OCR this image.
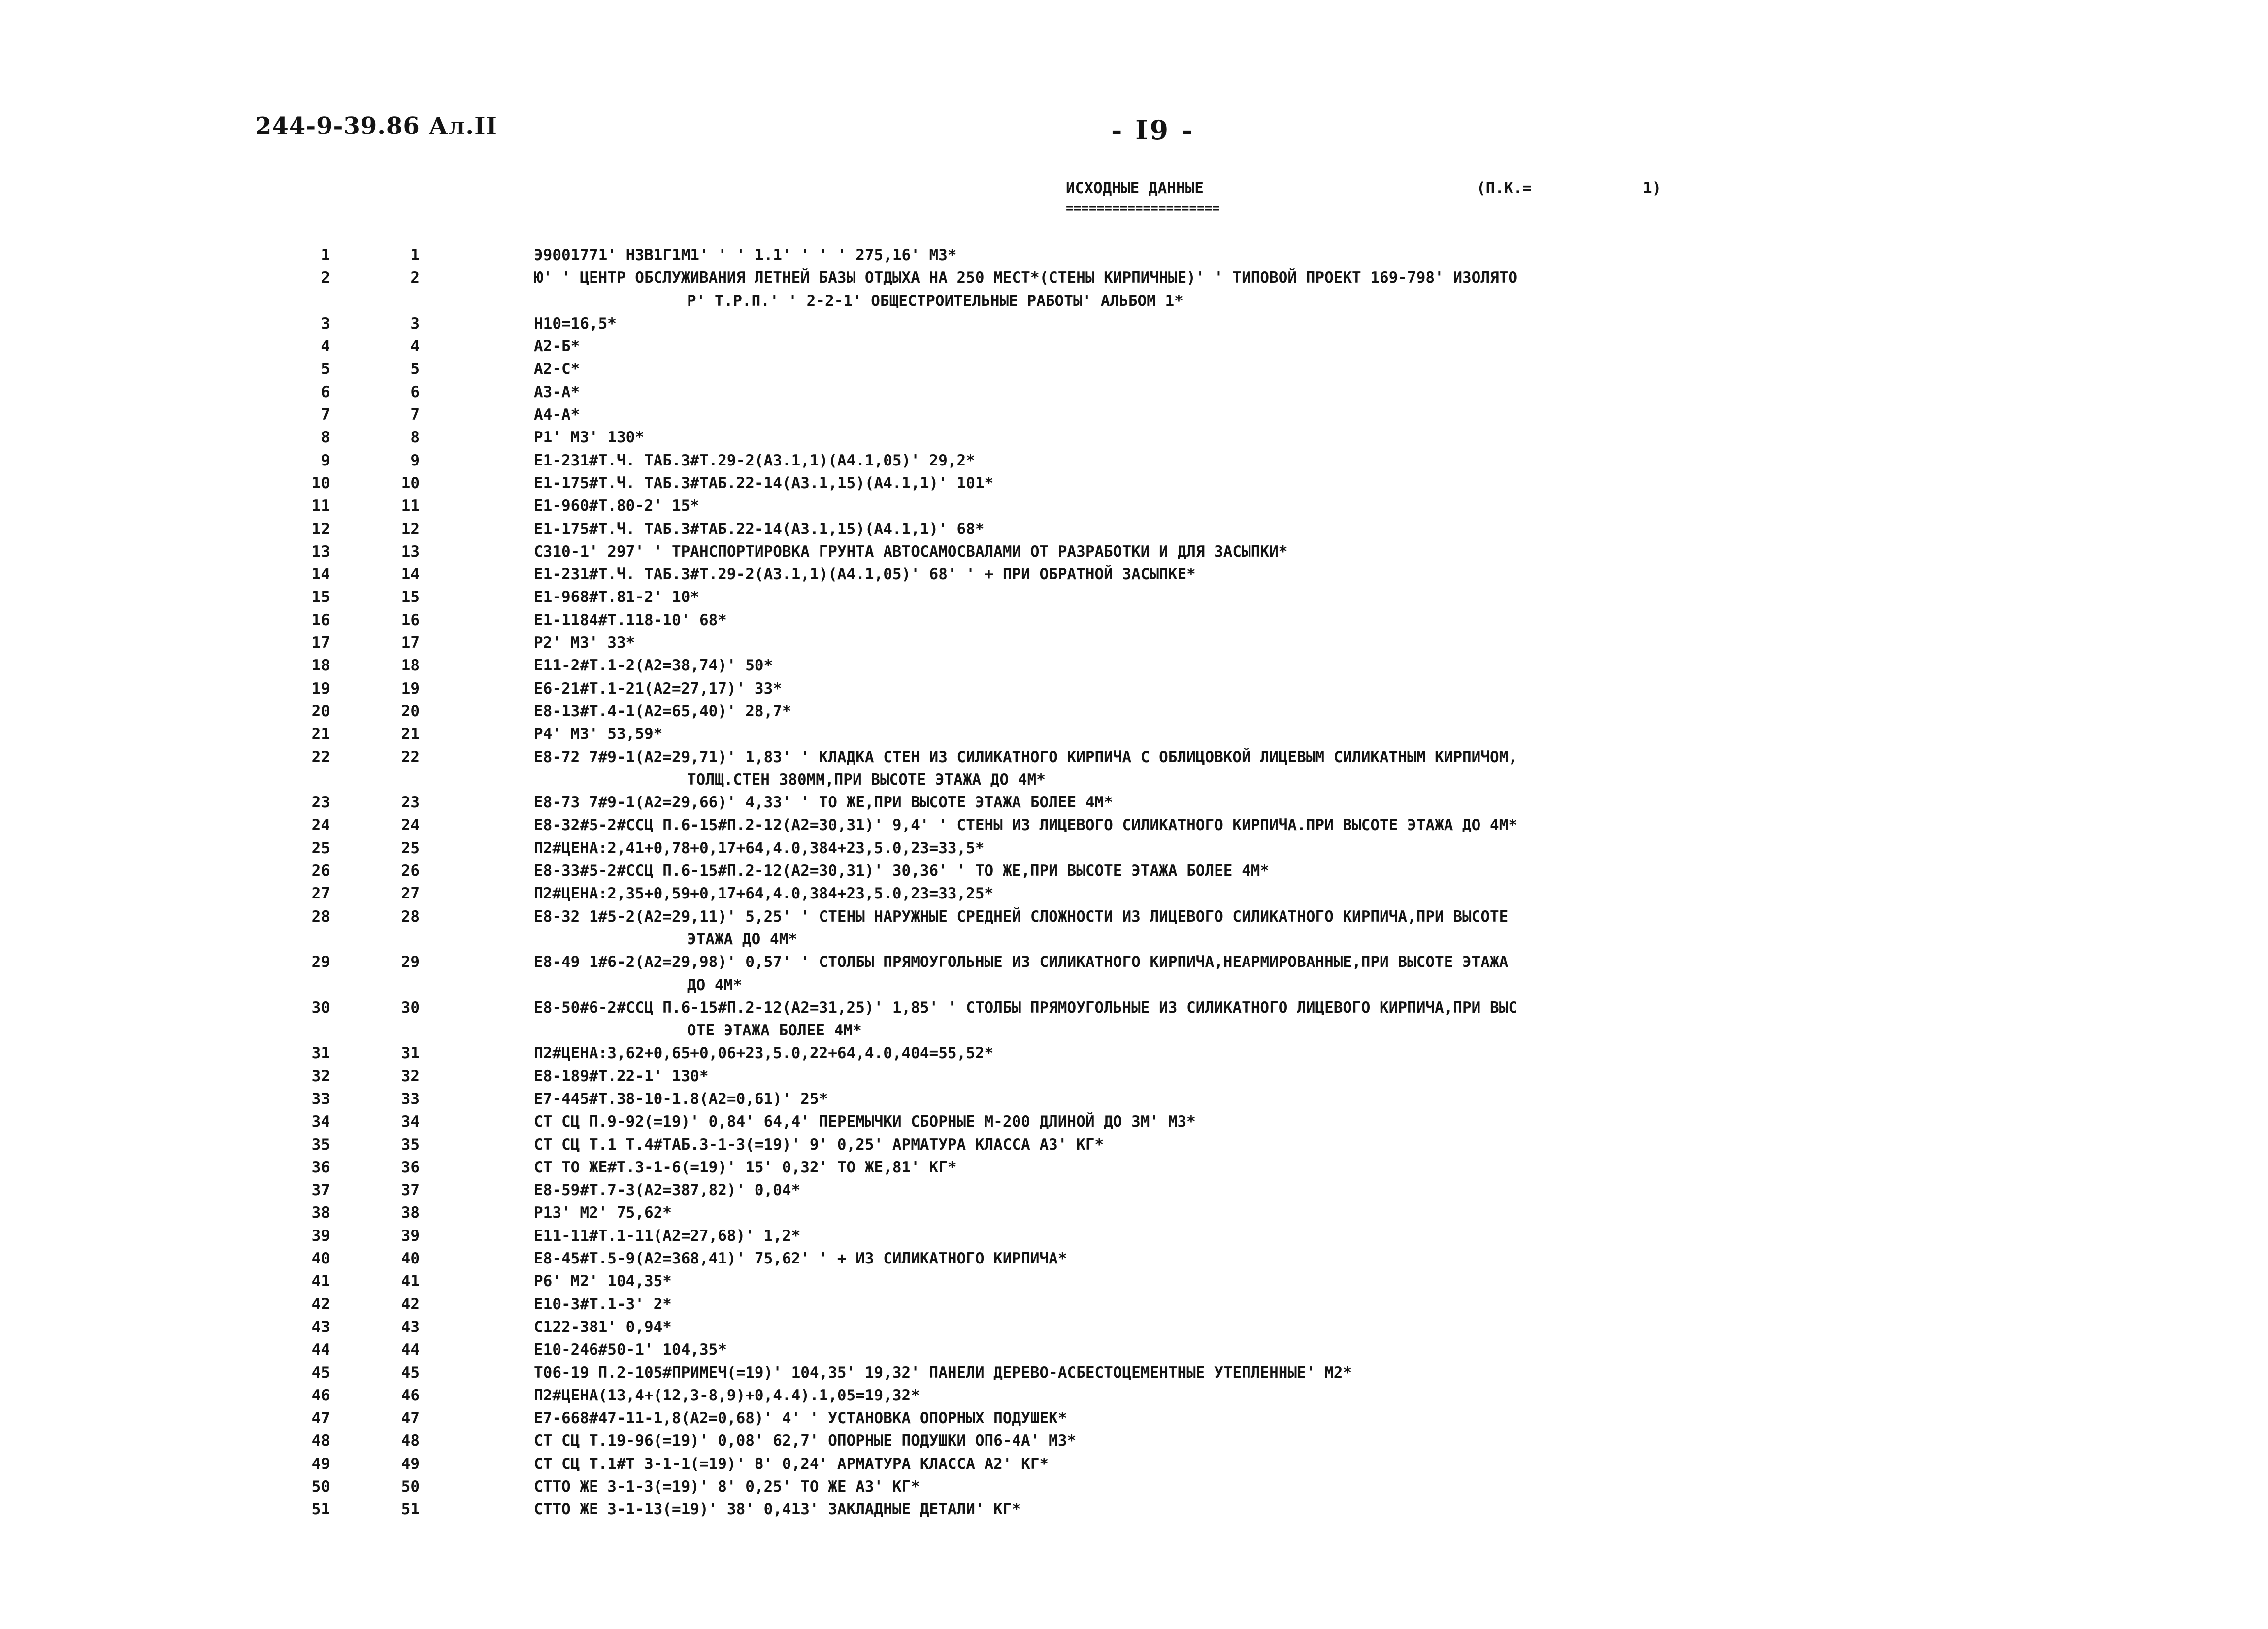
244-9-39.86 Ал.II	- I9 -
ИСХОДНЫЕ ДАННЫЕ	(П.К.=	1)
====================
1	1	Э9001771' НЗВ1Г1М1' ' ' 1.1' ' ' ' 275,16' МЗ*
2	2	Ю' ' ЦЕНТР ОБСЛУЖИВАНИЯ ЛЕТНЕЙ БАЗЫ ОТДЫХА НА 250 МЕСТ*(СТЕНЫ КИРПИЧНЫЕ)' ' ТИПОВОЙ ПРОЕКТ 169-798' ИЗОЛЯТО
Р' Т.Р.П.' ' 2-2-1' ОБЩЕСТРОИТЕЛЬНЫЕ РАБОТЫ' АЛЬБОМ 1*
3	3	Н10=16,5*
4	4	А2-Б*
5	5	А2-С*
6	6	А3-А*
7	7	А4-А*
8	8	Р1' МЗ' 130*
9	9	Е1-231#Т.Ч. ТАБ.3#Т.29-2(А3.1,1)(А4.1,05)' 29,2*
10	10	Е1-175#Т.Ч. ТАБ.3#ТАБ.22-14(А3.1,15)(А4.1,1)' 101*
11	11	Е1-960#Т.80-2' 15*
12	12	Е1-175#Т.Ч. ТАБ.3#ТАБ.22-14(А3.1,15)(А4.1,1)' 68*
13	13	С310-1' 297' ' ТРАНСПОРТИРОВКА ГРУНТА АВТОСАМОСВАЛАМИ ОТ РАЗРАБОТКИ И ДЛЯ ЗАСЫПКИ*
14	14	Е1-231#Т.Ч. ТАБ.3#Т.29-2(А3.1,1)(А4.1,05)' 68' ' + ПРИ ОБРАТНОЙ ЗАСЫПКЕ*
15	15	Е1-968#Т.81-2' 10*
16	16	Е1-1184#Т.118-10' 68*
17	17	Р2' МЗ' 33*
18	18	Е11-2#Т.1-2(А2=38,74)' 50*
19	19	Е6-21#Т.1-21(А2=27,17)' 33*
20	20	Е8-13#Т.4-1(А2=65,40)' 28,7*
21	21	Р4' МЗ' 53,59*
22	22	Е8-72 7#9-1(А2=29,71)' 1,83' ' КЛАДКА СТЕН ИЗ СИЛИКАТНОГО КИРПИЧА С ОБЛИЦОВКОЙ ЛИЦЕВЫМ СИЛИКАТНЫМ КИРПИЧОМ,
ТОЛЩ.СТЕН 380ММ,ПРИ ВЫСОТЕ ЭТАЖА ДО 4М*
23	23	Е8-73 7#9-1(А2=29,66)' 4,33' ' ТО ЖЕ,ПРИ ВЫСОТЕ ЭТАЖА БОЛЕЕ 4М*
24	24	Е8-32#5-2#ССЦ П.6-15#П.2-12(А2=30,31)' 9,4' ' СТЕНЫ ИЗ ЛИЦЕВОГО СИЛИКАТНОГО КИРПИЧА.ПРИ ВЫСОТЕ ЭТАЖА ДО 4М*
25	25	П2#ЦЕНА:2,41+0,78+0,17+64,4.0,384+23,5.0,23=33,5*
26	26	Е8-33#5-2#ССЦ П.6-15#П.2-12(А2=30,31)' 30,36' ' ТО ЖЕ,ПРИ ВЫСОТЕ ЭТАЖА БОЛЕЕ 4М*
27	27	П2#ЦЕНА:2,35+0,59+0,17+64,4.0,384+23,5.0,23=33,25*
28	28	Е8-32 1#5-2(А2=29,11)' 5,25' ' СТЕНЫ НАРУЖНЫЕ СРЕДНЕЙ СЛОЖНОСТИ ИЗ ЛИЦЕВОГО СИЛИКАТНОГО КИРПИЧА,ПРИ ВЫСОТЕ
ЭТАЖА ДО 4М*
29	29	Е8-49 1#6-2(А2=29,98)' 0,57' ' СТОЛБЫ ПРЯМОУГОЛЬНЫЕ ИЗ СИЛИКАТНОГО КИРПИЧА,НЕАРМИРОВАННЫЕ,ПРИ ВЫСОТЕ ЭТАЖА
ДО 4М*
30	30	Е8-50#6-2#ССЦ П.6-15#П.2-12(А2=31,25)' 1,85' ' СТОЛБЫ ПРЯМОУГОЛЬНЫЕ ИЗ СИЛИКАТНОГО ЛИЦЕВОГО КИРПИЧА,ПРИ ВЫС
ОТЕ ЭТАЖА БОЛЕЕ 4М*
31	31	П2#ЦЕНА:3,62+0,65+0,06+23,5.0,22+64,4.0,404=55,52*
32	32	Е8-189#Т.22-1' 130*
33	33	Е7-445#Т.38-10-1.8(А2=0,61)' 25*
34	34	СТ СЦ П.9-92(=19)' 0,84' 64,4' ПЕРЕМЫЧКИ СБОРНЫЕ М-200 ДЛИНОЙ ДО 3М' МЗ*
35	35	СТ СЦ Т.1 Т.4#ТАБ.3-1-3(=19)' 9' 0,25' АРМАТУРА КЛАССА А3' КГ*
36	36	СТ ТО ЖЕ#Т.3-1-6(=19)' 15' 0,32' ТО ЖЕ,81' КГ*
37	37	Е8-59#Т.7-3(А2=387,82)' 0,04*
38	38	Р13' М2' 75,62*
39	39	Е11-11#Т.1-11(А2=27,68)' 1,2*
40	40	Е8-45#Т.5-9(А2=368,41)' 75,62' ' + ИЗ СИЛИКАТНОГО КИРПИЧА*
41	41	Р6' М2' 104,35*
42	42	Е10-3#Т.1-3' 2*
43	43	С122-381' 0,94*
44	44	Е10-246#50-1' 104,35*
45	45	Т06-19 П.2-105#ПРИМЕЧ(=19)' 104,35' 19,32' ПАНЕЛИ ДЕРЕВО-АСБЕСТОЦЕМЕНТНЫЕ УТЕПЛЕННЫЕ' М2*
46	46	П2#ЦЕНА(13,4+(12,3-8,9)+0,4.4).1,05=19,32*
47	47	Е7-668#47-11-1,8(А2=0,68)' 4' ' УСТАНОВКА ОПОРНЫХ ПОДУШЕК*
48	48	СТ СЦ Т.19-96(=19)' 0,08' 62,7' ОПОРНЫЕ ПОДУШКИ ОП6-4А' МЗ*
49	49	СТ СЦ Т.1#Т 3-1-1(=19)' 8' 0,24' АРМАТУРА КЛАССА А2' КГ*
50	50	СТТО ЖЕ 3-1-3(=19)' 8' 0,25' ТО ЖЕ А3' КГ*
51	51	СТТО ЖЕ 3-1-13(=19)' 38' 0,413' ЗАКЛАДНЫЕ ДЕТАЛИ' КГ*
